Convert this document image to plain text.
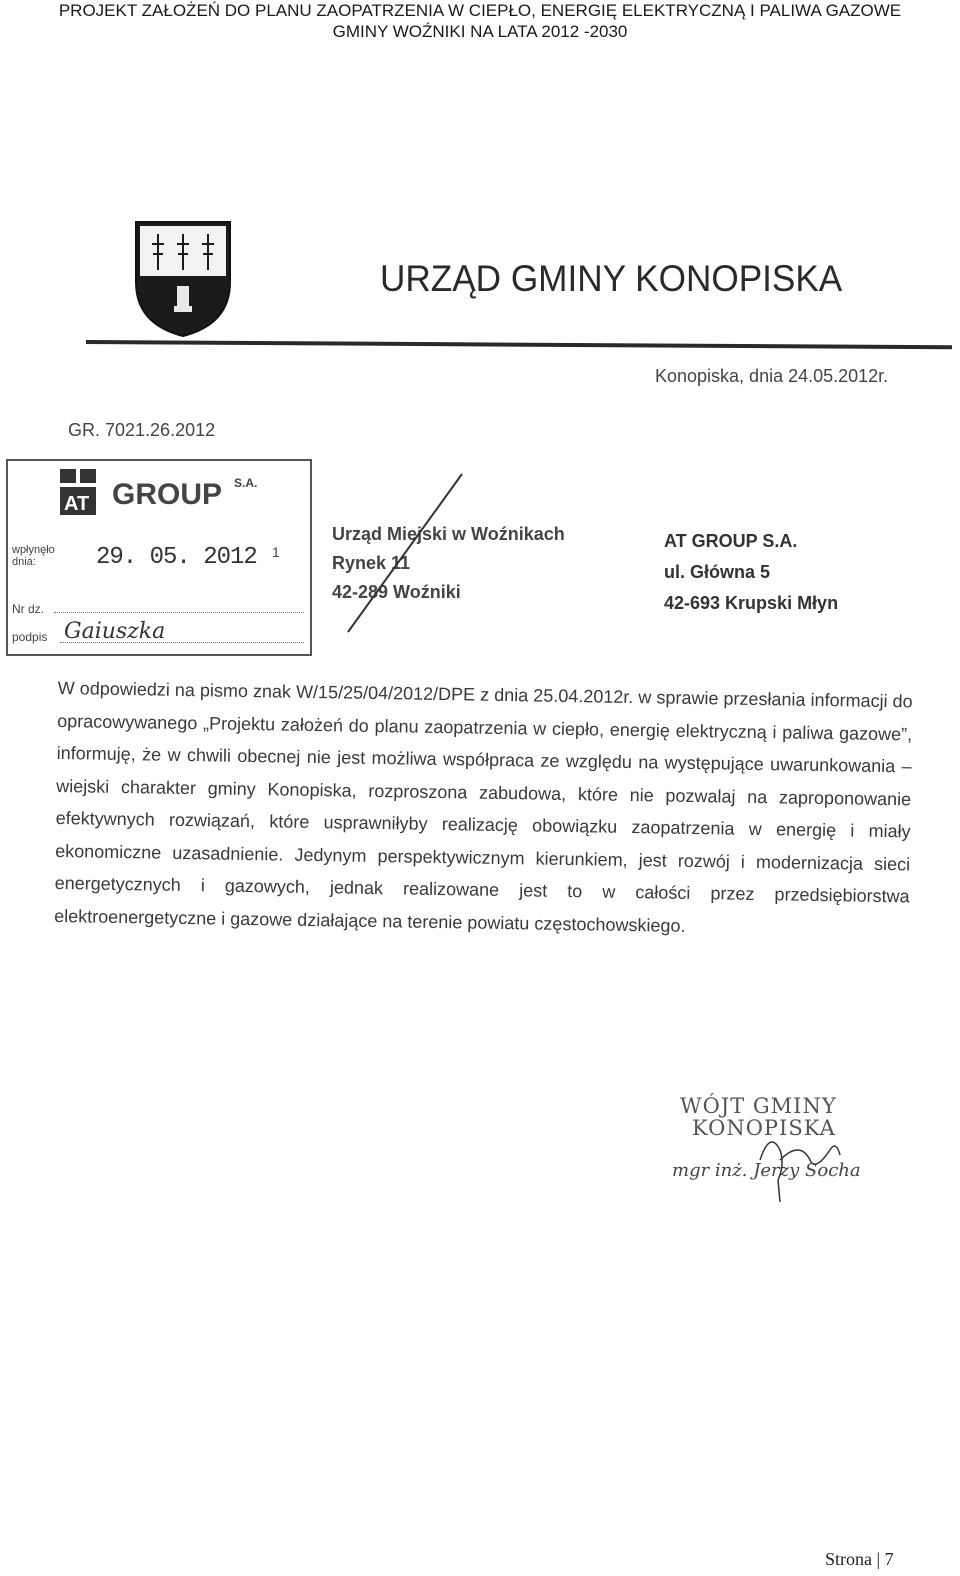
PROJEKT ZAŁOŻEŃ DO PLANU ZAOPATRZENIA W CIEPŁO, ENERGIĘ ELEKTRYCZNĄ I PALIWA GAZOWE
GMINY WOŹNIKI NA LATA 2012 -2030
URZĄD GMINY KONOPISKA
Konopiska, dnia 24.05.2012r.
GR. 7021.26.2012
AT GROUP S.A.
wpłynęło dnia:	29. 05. 2012 1
Nr dz.
podpis Gaiuszka
Urząd Miejski w Woźnikach
Rynek 11
42-289 Woźniki
AT GROUP S.A.
ul. Główna 5
42-693 Krupski Młyn
W odpowiedzi na pismo znak W/15/25/04/2012/DPE z dnia 25.04.2012r. w sprawie przesłania informacji do opracowywanego „Projektu założeń do planu zaopatrzenia w ciepło, energię elektryczną i paliwa gazowe”, informuję, że w chwili obecnej nie jest możliwa współpraca ze względu na występujące uwarunkowania – wiejski charakter gminy Konopiska, rozproszona zabudowa, które nie pozwalaj na zaproponowanie efektywnych rozwiązań, które usprawniłyby realizację obowiązku zaopatrzenia w energię i miały ekonomiczne uzasadnienie. Jedynym perspektywicznym kierunkiem, jest rozwój i modernizacja sieci energetycznych i gazowych, jednak realizowane jest to w całości przez przedsiębiorstwa elektroenergetyczne i gazowe działające na terenie powiatu częstochowskiego.
WÓJT GMINY
KONOPISKA
mgr inż. Jerzy Socha
Strona | 7
